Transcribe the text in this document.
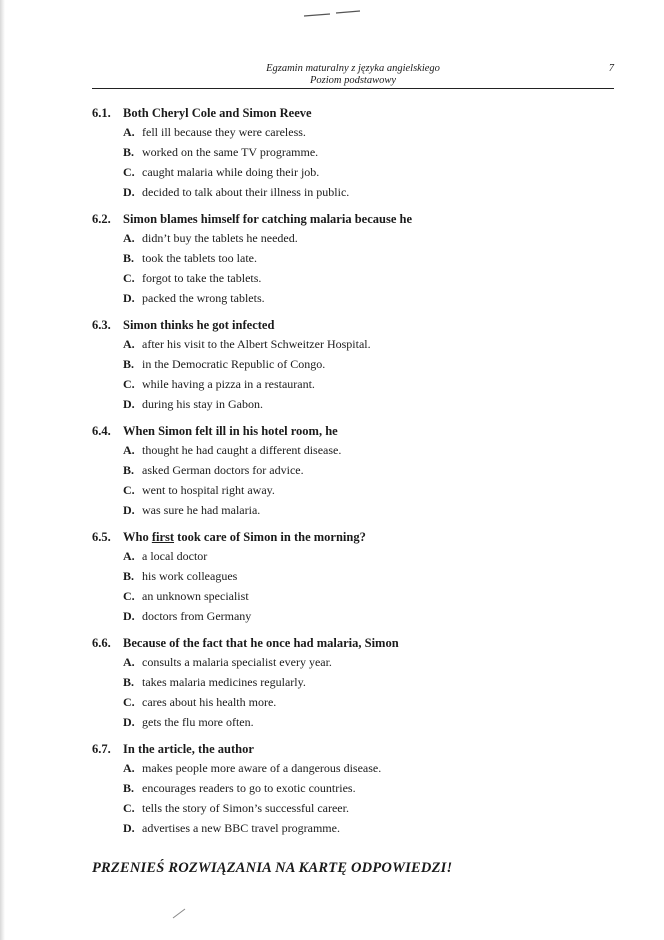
Egzamin maturalny z języka angielskiego
Poziom podstawowy
7
6.1. Both Cheryl Cole and Simon Reeve
A. fell ill because they were careless.
B. worked on the same TV programme.
C. caught malaria while doing their job.
D. decided to talk about their illness in public.
6.2. Simon blames himself for catching malaria because he
A. didn’t buy the tablets he needed.
B. took the tablets too late.
C. forgot to take the tablets.
D. packed the wrong tablets.
6.3. Simon thinks he got infected
A. after his visit to the Albert Schweitzer Hospital.
B. in the Democratic Republic of Congo.
C. while having a pizza in a restaurant.
D. during his stay in Gabon.
6.4. When Simon felt ill in his hotel room, he
A. thought he had caught a different disease.
B. asked German doctors for advice.
C. went to hospital right away.
D. was sure he had malaria.
6.5. Who first took care of Simon in the morning?
A. a local doctor
B. his work colleagues
C. an unknown specialist
D. doctors from Germany
6.6. Because of the fact that he once had malaria, Simon
A. consults a malaria specialist every year.
B. takes malaria medicines regularly.
C. cares about his health more.
D. gets the flu more often.
6.7. In the article, the author
A. makes people more aware of a dangerous disease.
B. encourages readers to go to exotic countries.
C. tells the story of Simon’s successful career.
D. advertises a new BBC travel programme.
PRZENIEŚ ROZWIĄZANIA NA KARTĘ ODPOWIEDZI!
